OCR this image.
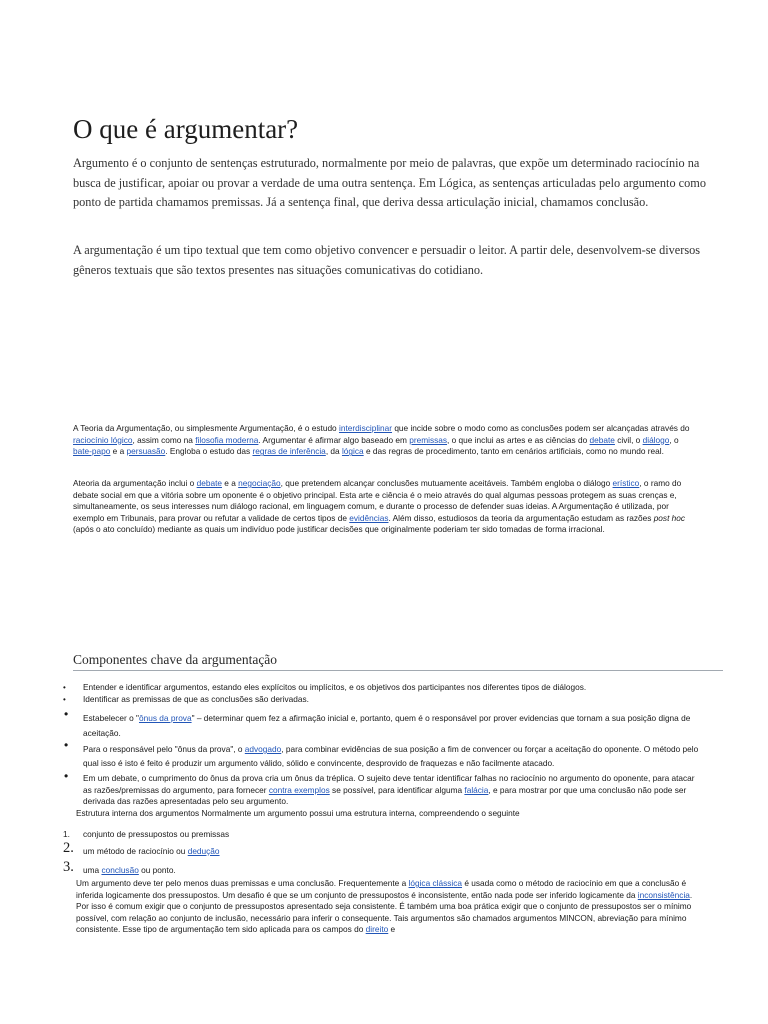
O que é argumentar?

Argumento é o conjunto de sentenças estruturado, normalmente por meio de palavras, que expõe um determinado raciocínio na busca de justificar, apoiar ou provar a verdade de uma outra sentença. Em Lógica, as sentenças articuladas pelo argumento como ponto de partida chamamos premissas. Já a sentença final, que deriva dessa articulação inicial, chamamos conclusão.

A argumentação é um tipo textual que tem como objetivo convencer e persuadir o leitor. A partir dele, desenvolvem-se diversos gêneros textuais que são textos presentes nas situações comunicativas do cotidiano.

A Teoria da Argumentação, ou simplesmente Argumentação, é o estudo interdisciplinar que incide sobre o modo como as conclusões podem ser alcançadas através do raciocínio lógico, assim como na filosofia moderna. Argumentar é afirmar algo baseado em premissas, o que inclui as artes e as ciências do debate civil, o diálogo, o bate-papo e a persuasão. Engloba o estudo das regras de inferência, da lógica e das regras de procedimento, tanto em cenários artificiais, como no mundo real.

Ateoria da argumentação inclui o debate e a negociação, que pretendem alcançar conclusões mutuamente aceitáveis. Também engloba o diálogo erístico, o ramo do debate social em que a vitória sobre um oponente é o objetivo principal. Esta arte e ciência é o meio através do qual algumas pessoas protegem as suas crenças e, simultaneamente, os seus interesses num diálogo racional, em linguagem comum, e durante o processo de defender suas ideias. A Argumentação é utilizada, por exemplo em Tribunais, para provar ou refutar a validade de certos tipos de evidências. Além disso, estudiosos da teoria da argumentação estudam as razões post hoc (após o ato concluído) mediante as quais um indivíduo pode justificar decisões que originalmente poderiam ter sido tomadas de forma irracional.

Componentes chave da argumentação
• Entender e identificar argumentos, estando eles explícitos ou implícitos, e os objetivos dos participantes nos diferentes tipos de diálogos.
• Identificar as premissas de que as conclusões são derivadas.
• Estabelecer o "ônus da prova" – determinar quem fez a afirmação inicial e, portanto, quem é o responsável por prover evidencias que tornam a sua posição digna de aceitação.
• Para o responsável pelo "ônus da prova", o advogado, para combinar evidências de sua posição a fim de convencer ou forçar a aceitação do oponente. O método pelo qual isso é isto é feito é produzir um argumento válido, sólido e convincente, desprovido de fraquezas e não facilmente atacado.
• Em um debate, o cumprimento do ônus da prova cria um ônus da tréplica. O sujeito deve tentar identificar falhas no raciocínio no argumento do oponente, para atacar as razões/premissas do argumento, para fornecer contra exemplos se possível, para identificar alguma falácia, e para mostrar por que uma conclusão não pode ser derivada das razões apresentadas pelo seu argumento.

Estrutura interna dos argumentos Normalmente um argumento possui uma estrutura interna, compreendendo o seguinte

1. conjunto de pressupostos ou premissas
2. um método de raciocínio ou dedução
3. uma conclusão ou ponto.

Um argumento deve ter pelo menos duas premissas e uma conclusão. Frequentemente a lógica clássica é usada como o método de raciocínio em que a conclusão é inferida logicamente dos pressupostos. Um desafio é que se um conjunto de pressupostos é inconsistente, então nada pode ser inferido logicamente da inconsistência. Por isso é comum exigir que o conjunto de pressupostos apresentado seja consistente. É também uma boa prática exigir que o conjunto de pressupostos ser o mínimo possível, com relação ao conjunto de inclusão, necessário para inferir o consequente. Tais argumentos são chamados argumentos MINCON, abreviação para mínimo consistente. Esse tipo de argumentação tem sido aplicada para os campos do direito e
